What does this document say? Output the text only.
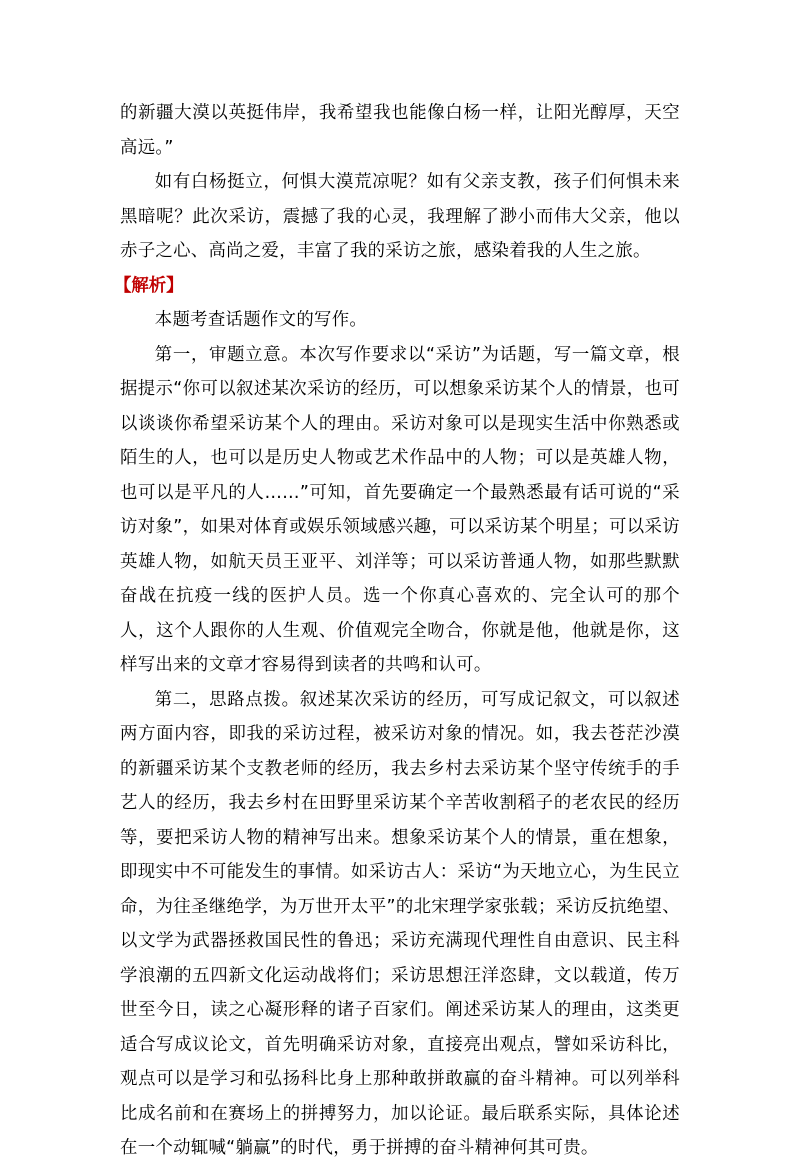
的新疆大漠以英挺伟岸，我希望我也能像白杨一样，让阳光醇厚，天空高远。”

如有白杨挺立，何惧大漠荒凉呢？如有父亲支教，孩子们何惧未来黑暗呢？此次采访，震撼了我的心灵，我理解了渺小而伟大父亲，他以赤子之心、高尚之爱，丰富了我的采访之旅，感染着我的人生之旅。

【解析】

本题考查话题作文的写作。

第一，审题立意。本次写作要求以“采访”为话题，写一篇文章，根据提示“你可以叙述某次采访的经历，可以想象采访某个人的情景，也可以谈谈你希望采访某个人的理由。采访对象可以是现实生活中你熟悉或陌生的人，也可以是历史人物或艺术作品中的人物；可以是英雄人物，也可以是平凡的人……”可知，首先要确定一个最熟悉最有话可说的“采访对象”，如果对体育或娱乐领域感兴趣，可以采访某个明星；可以采访英雄人物，如航天员王亚平、刘洋等；可以采访普通人物，如那些默默奋战在抗疫一线的医护人员。选一个你真心喜欢的、完全认可的那个人，这个人跟你的人生观、价值观完全吻合，你就是他，他就是你，这样写出来的文章才容易得到读者的共鸣和认可。

第二，思路点拨。叙述某次采访的经历，可写成记叙文，可以叙述两方面内容，即我的采访过程，被采访对象的情况。如，我去苍茫沙漠的新疆采访某个支教老师的经历，我去乡村去采访某个坚守传统手的手艺人的经历，我去乡村在田野里采访某个辛苦收割稻子的老农民的经历等，要把采访人物的精神写出来。想象采访某个人的情景，重在想象，即现实中不可能发生的事情。如采访古人：采访“为天地立心，为生民立命，为往圣继绝学，为万世开太平”的北宋理学家张载；采访反抗绝望、以文学为武器拯救国民性的鲁迅；采访充满现代理性自由意识、民主科学浪潮的五四新文化运动战将们；采访思想汪洋恣肆，文以载道，传万世至今日，读之心凝形释的诸子百家们。阐述采访某人的理由，这类更适合写成议论文，首先明确采访对象，直接亮出观点，譬如采访科比，观点可以是学习和弘扬科比身上那种敢拼敢赢的奋斗精神。可以列举科比成名前和在赛场上的拼搏努力，加以论证。最后联系实际，具体论述在一个动辄喊“躺赢”的时代，勇于拼搏的奋斗精神何其可贵。
